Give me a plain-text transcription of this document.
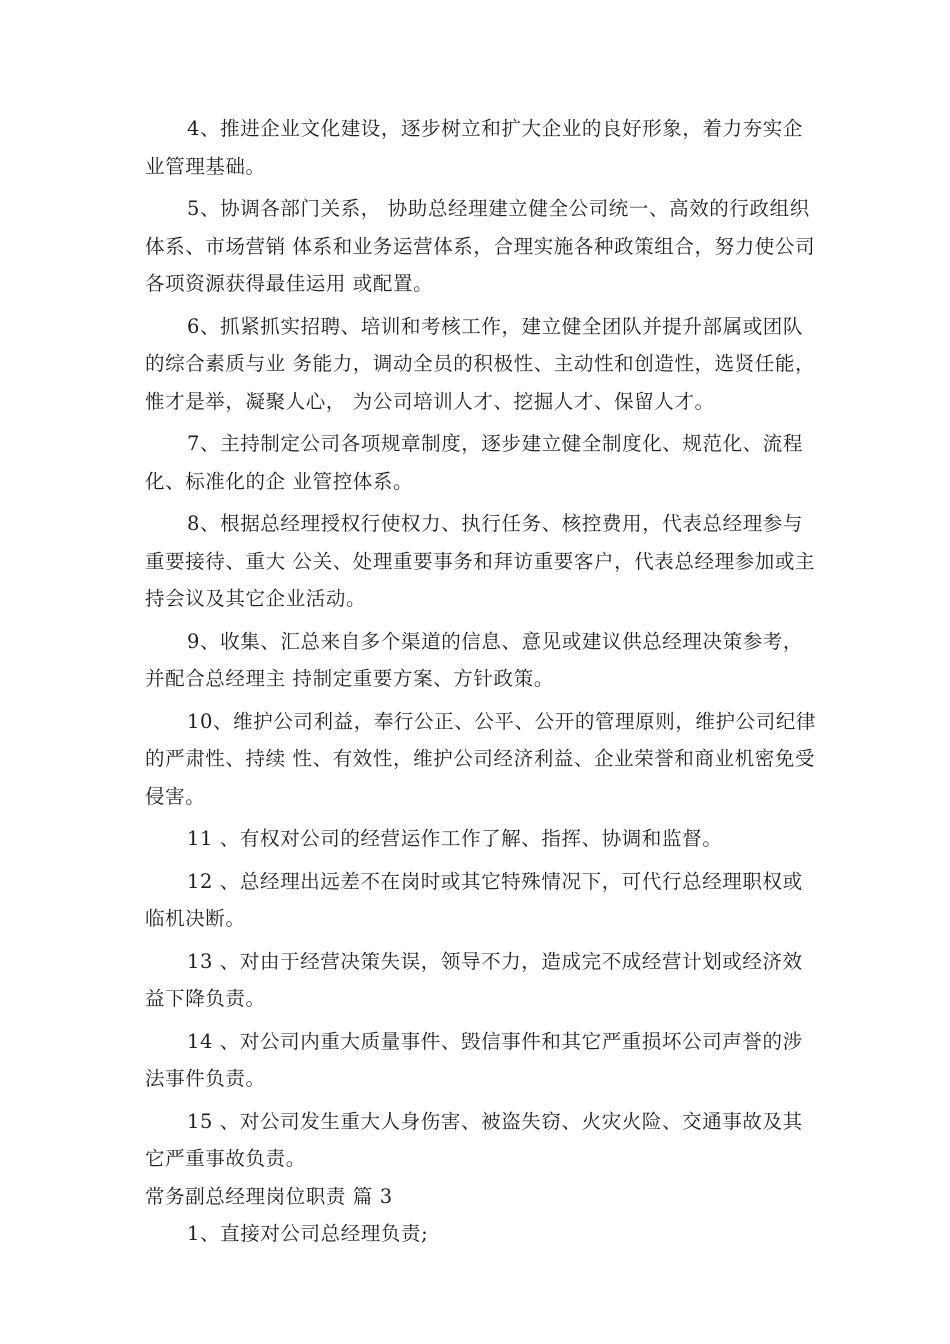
4、推进企业文化建设，逐步树立和扩大企业的良好形象，着力夯实企业管理基础。

5、协调各部门关系， 协助总经理建立健全公司统一、高效的行政组织体系、市场营销 体系和业务运营体系，合理实施各种政策组合，努力使公司各项资源获得最佳运用 或配置。

6、抓紧抓实招聘、培训和考核工作，建立健全团队并提升部属或团队的综合素质与业 务能力，调动全员的积极性、主动性和创造性，选贤任能，惟才是举，凝聚人心， 为公司培训人才、挖掘人才、保留人才。

7、主持制定公司各项规章制度，逐步建立健全制度化、规范化、流程化、标准化的企 业管控体系。

8、根据总经理授权行使权力、执行任务、核控费用，代表总经理参与重要接待、重大 公关、处理重要事务和拜访重要客户，代表总经理参加或主持会议及其它企业活动。

9、收集、汇总来自多个渠道的信息、意见或建议供总经理决策参考，并配合总经理主 持制定重要方案、方针政策。

10、维护公司利益，奉行公正、公平、公开的管理原则，维护公司纪律的严肃性、持续 性、有效性，维护公司经济利益、企业荣誉和商业机密免受侵害。

11 、有权对公司的经营运作工作了解、指挥、协调和监督。

12 、总经理出远差不在岗时或其它特殊情况下，可代行总经理职权或临机决断。

13 、对由于经营决策失误，领导不力，造成完不成经营计划或经济效益下降负责。

14 、对公司内重大质量事件、毁信事件和其它严重损坏公司声誉的涉法事件负责。

15 、对公司发生重大人身伤害、被盗失窃、火灾火险、交通事故及其它严重事故负责。

常务副总经理岗位职责 篇 3

1、直接对公司总经理负责;
